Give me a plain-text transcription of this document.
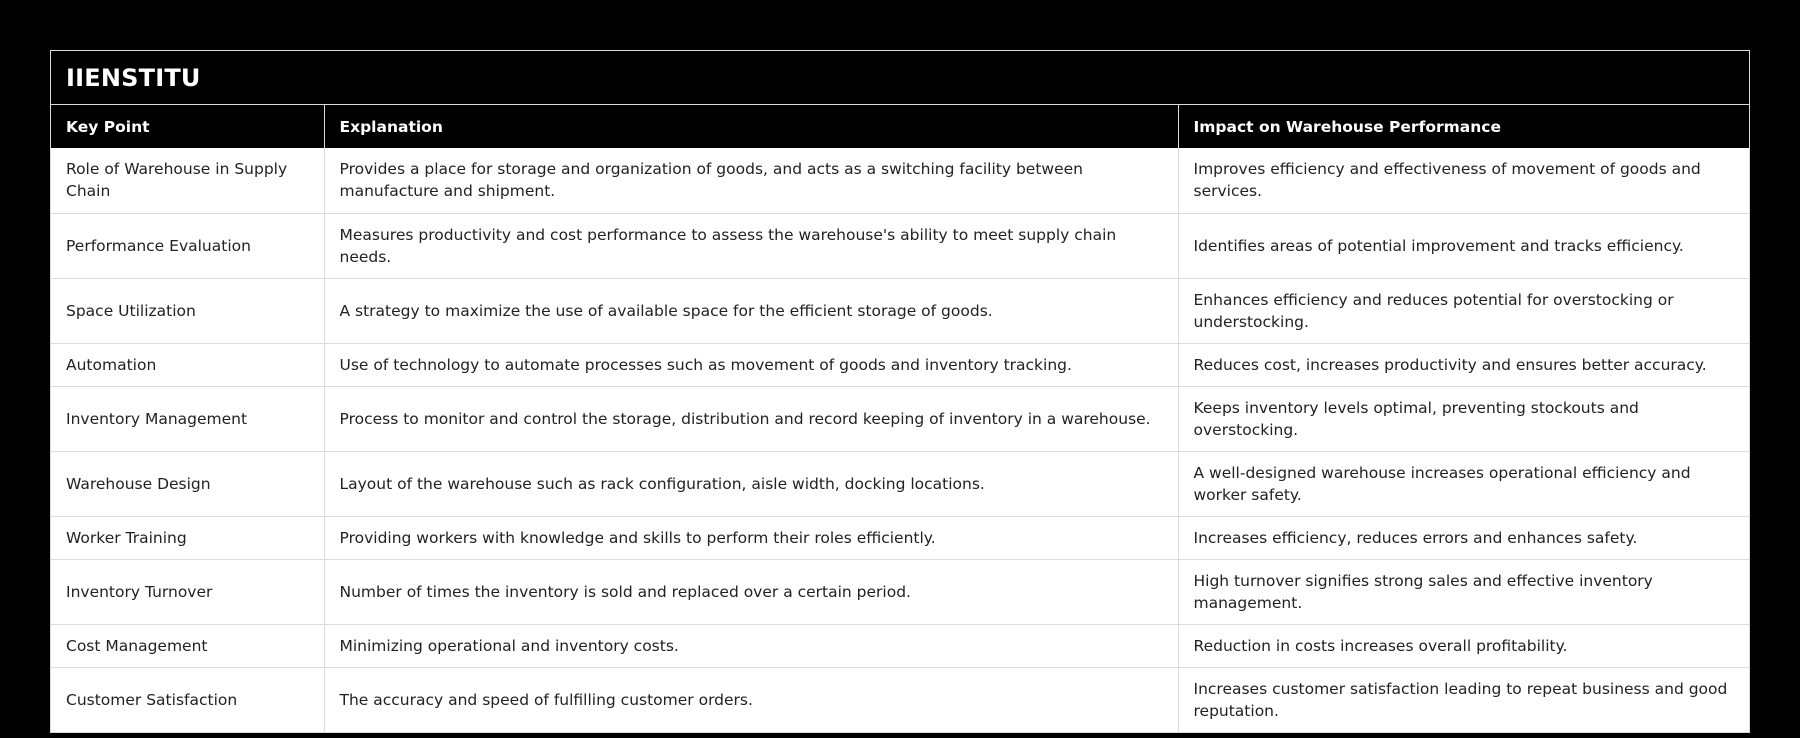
IIENSTITU
Key Point	Explanation	Impact on Warehouse Performance
Role of Warehouse in Supply Chain	Provides a place for storage and organization of goods, and acts as a switching facility between manufacture and shipment.	Improves efficiency and effectiveness of movement of goods and services.
Performance Evaluation	Measures productivity and cost performance to assess the warehouse's ability to meet supply chain needs.	Identifies areas of potential improvement and tracks efficiency.
Space Utilization	A strategy to maximize the use of available space for the efficient storage of goods.	Enhances efficiency and reduces potential for overstocking or understocking.
Automation	Use of technology to automate processes such as movement of goods and inventory tracking.	Reduces cost, increases productivity and ensures better accuracy.
Inventory Management	Process to monitor and control the storage, distribution and record keeping of inventory in a warehouse.	Keeps inventory levels optimal, preventing stockouts and overstocking.
Warehouse Design	Layout of the warehouse such as rack configuration, aisle width, docking locations.	A well-designed warehouse increases operational efficiency and worker safety.
Worker Training	Providing workers with knowledge and skills to perform their roles efficiently.	Increases efficiency, reduces errors and enhances safety.
Inventory Turnover	Number of times the inventory is sold and replaced over a certain period.	High turnover signifies strong sales and effective inventory management.
Cost Management	Minimizing operational and inventory costs.	Reduction in costs increases overall profitability.
Customer Satisfaction	The accuracy and speed of fulfilling customer orders.	Increases customer satisfaction leading to repeat business and good reputation.
